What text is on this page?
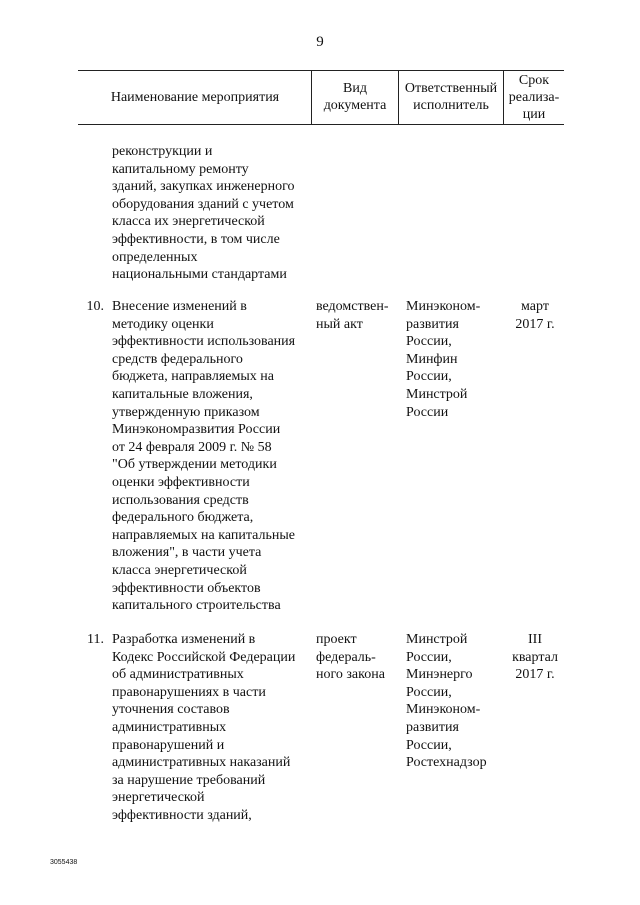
9
Наименование мероприятия
Вид
документа
Ответственный
исполнитель
Срок
реализа-
ции
реконструкции и
капитальному ремонту
зданий, закупках инженерного
оборудования зданий с учетом
класса их энергетической
эффективности, в том числе
определенных
национальными стандартами
10. Внесение изменений в
методику оценки
эффективности использования
средств федерального
бюджета, направляемых на
капитальные вложения,
утвержденную приказом
Минэкономразвития России
от 24 февраля 2009 г. № 58
"Об утверждении методики
оценки эффективности
использования средств
федерального бюджета,
направляемых на капитальные
вложения", в части учета
класса энергетической
эффективности объектов
капитального строительства
ведомствен-
ный акт
Минэконом-
развития
России,
Минфин
России,
Минстрой
России
март
2017 г.
11. Разработка изменений в
Кодекс Российской Федерации
об административных
правонарушениях в части
уточнения составов
административных
правонарушений и
административных наказаний
за нарушение требований
энергетической
эффективности зданий,
проект
федераль-
ного закона
Минстрой
России,
Минэнерго
России,
Минэконом-
развития
России,
Ростехнадзор
III
квартал
2017 г.
3055438
